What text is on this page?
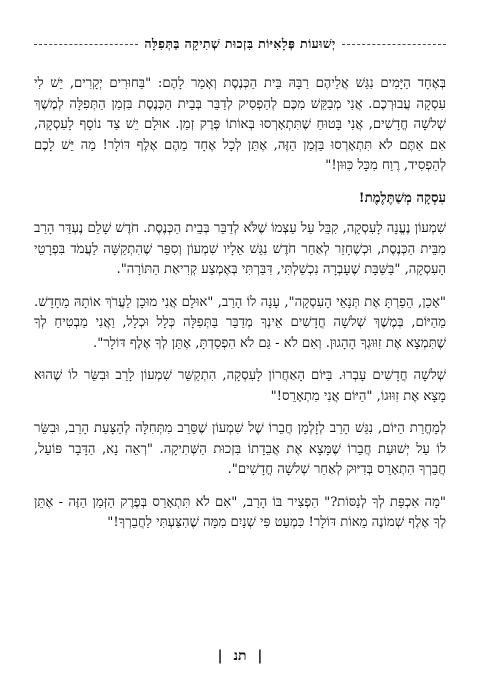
יְשׁוּעוֹת פְּלָאִיּוֹת בִּזְכוּת שְׁתִיקָה בַּתְּפִלָּה

בְּאֶחָד הַיָּמִים נִגַּשׁ אֲלֵיהֶם רַבָּהּ בֵּית הַכְּנֶסֶת וְאָמַר לָהֶם: "בַּחוּרִים יְקָרִים, יֵשׁ לִי עִסְקָה עֲבוּרְכֶם. אֲנִי מְבַקֵּשׁ מִכֶּם לְהַפְסִיק לְדַבֵּר בְּבֵית הַכְּנֶסֶת בִּזְמַן הַתְּפִלָּה לְמֶשֶׁךְ שְׁלשָׁה חֳדָשִׁים, אֲנִי בָּטוּחַ שֶׁתִּתְאָרְסוּ בְּאוֹתוֹ פֶּרֶק זְמַן. אוּלָם יֵשׁ צַד נוֹסָף לָעִסְקָה, אִם אַתֶּם לֹא תִּתְאָרְסוּ בַּזְּמַן הַזֶּה, אֶתֵּן לְכָל אֶחָד מֵהֶם אֶלֶף דּוֹלָר! מַה יֵּשׁ לָכֶם לְהַפְסִיד, רֶוַח מִכָּל כִּוּוּן!"

עִסְקָה מְשַׁתֶּלֶמֶת!

שִׁמְעוֹן נֶעֱנָה לָעִסְקָה, קִבֵּל עַל עַצְמוֹ שֶׁלֹּא לְדַבֵּר בְּבֵית הַכְּנֶסֶת. חֹדֶשׁ שָׁלֵם נֶעְדַּר הָרַב מִבֵּית הַכְּנֶסֶת, וּכְשֶׁחָזַר לְאַחַר חֹדֶשׁ נִגַּשׁ אֵלָיו שִׁמְעוֹן וְסִפֵּר שֶׁהִתְקַשָּׁה לַעֲמֹד בִּפְרָטֵי הָעִסְקָה, "בַּשַּׁבָּת שֶׁעָבְרָה נִכְשַׁלְתִּי, דִּבַּרְתִּי בְּאֶמְצַע קְרִיאַת הַתּוֹרָה".

"אָכֵן, הֵפַרְתָּ אֶת תְּנָאֵי הָעִסְקָה", עָנָה לוֹ הָרַב, "אוּלָם אֲנִי מוּכָן לַעֲרֹךְ אוֹתָהּ מֵחָדָשׁ. מֵהַיּוֹם, בְּמֶשֶׁךְ שְׁלשָׁה חֳדָשִׁים אֵינְךָ מְדַבֵּר בַּתְּפִלָּה כְּלָל וּכְלָל, וַאֲנִי מַבְטִיחַ לְךָ שֶׁתִּמְצָא אֶת זִוּוּגְךָ הָהָגוּן. וְאִם לֹא - גַּם לֹא הִפְסַדְתָּ, אֶתֵּן לְךָ אֶלֶף דּוֹלָר".

שְׁלשָׁה חֳדָשִׁים עָבְרוּ. בַּיּוֹם הָאַחֲרוֹן לָעִסְקָה, הִתְקַשֵּׁר שִׁמְעוֹן לָרַב וּבִשֵּׂר לוֹ שֶׁהוּא מָצָא אֶת זִוּוּגוֹ, "הַיּוֹם אֲנִי מִתְאָרֵס!"

לְמָחֳרַת הַיּוֹם, נִגַּשׁ הָרַב לְזָלְמָן חֲבֵרוֹ שֶׁל שִׁמְעוֹן שֶׁסֵּרֵב מִתְּחִלָּה לְהַצָּעַת הָרַב, וּבִשֵּׂר לוֹ עַל יְשׁוּעַת חֲבֵרוֹ שֶׁמָּצָא אֶת אֲבֵדָתוֹ בִּזְכוּת הַשְּׁתִיקָה. "רְאֵה נָא, הַדָּבָר פּוֹעֵל, חֲבֵרְךָ הִתְאָרֵס בְּדִיּוּק לְאַחַר שְׁלשָׁה חֳדָשִׁים".

"מָה אִכְפַּת לְךָ לְנַסּוֹת?" הִפְצִיר בּוֹ הָרַב, "אִם לֹא תִּתְאָרֵס בְּפֶרֶק הַזְּמַן הַזֶּה - אֶתֵּן לְךָ אֶלֶף שְׁמוֹנֶה מֵאוֹת דּוֹלָר! כִּמְעַט פִּי שְׁנַיִם מִמָּה שֶׁהִצַּעְתִּי לַחֲבֵרְךָ!"

| תנ |
